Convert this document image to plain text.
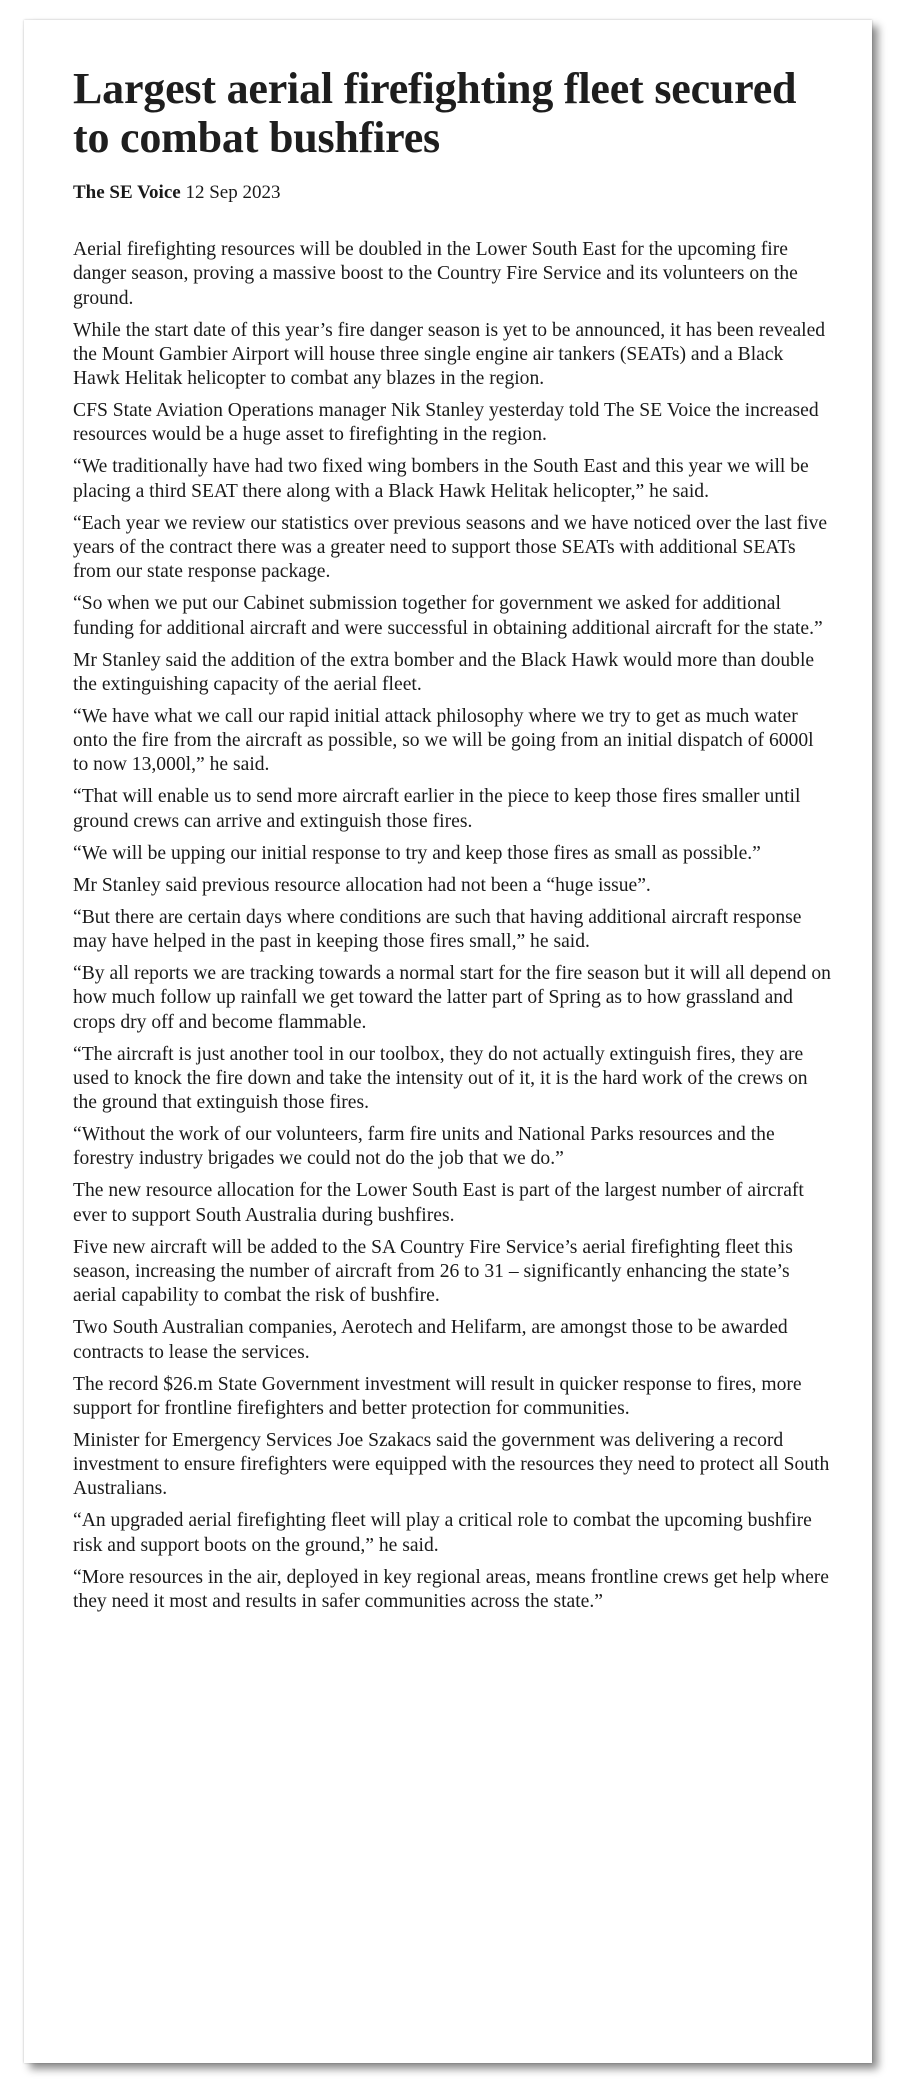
Largest aerial firefighting fleet secured to combat bushfires
The SE Voice 12 Sep 2023

Aerial firefighting resources will be doubled in the Lower South East for the upcoming fire danger season, proving a massive boost to the Country Fire Service and its volunteers on the ground.

While the start date of this year’s fire danger season is yet to be announced, it has been revealed the Mount Gambier Airport will house three single engine air tankers (SEATs) and a Black Hawk Helitak helicopter to combat any blazes in the region.

CFS State Aviation Operations manager Nik Stanley yesterday told The SE Voice the increased resources would be a huge asset to firefighting in the region.

“We traditionally have had two fixed wing bombers in the South East and this year we will be placing a third SEAT there along with a Black Hawk Helitak helicopter,” he said.

“Each year we review our statistics over previous seasons and we have noticed over the last five years of the contract there was a greater need to support those SEATs with additional SEATs from our state response package.

“So when we put our Cabinet submission together for government we asked for additional funding for additional aircraft and were successful in obtaining additional aircraft for the state.”

Mr Stanley said the addition of the extra bomber and the Black Hawk would more than double the extinguishing capacity of the aerial fleet.

“We have what we call our rapid initial attack philosophy where we try to get as much water onto the fire from the aircraft as possible, so we will be going from an initial dispatch of 6000l to now 13,000l,” he said.

“That will enable us to send more aircraft earlier in the piece to keep those fires smaller until ground crews can arrive and extinguish those fires.

“We will be upping our initial response to try and keep those fires as small as possible.”

Mr Stanley said previous resource allocation had not been a “huge issue”.

“But there are certain days where conditions are such that having additional aircraft response may have helped in the past in keeping those fires small,” he said.

“By all reports we are tracking towards a normal start for the fire season but it will all depend on how much follow up rainfall we get toward the latter part of Spring as to how grassland and crops dry off and become flammable.

“The aircraft is just another tool in our toolbox, they do not actually extinguish fires, they are used to knock the fire down and take the intensity out of it, it is the hard work of the crews on the ground that extinguish those fires.

“Without the work of our volunteers, farm fire units and National Parks resources and the forestry industry brigades we could not do the job that we do.”

The new resource allocation for the Lower South East is part of the largest number of aircraft ever to support South Australia during bushfires.

Five new aircraft will be added to the SA Country Fire Service’s aerial firefighting fleet this season, increasing the number of aircraft from 26 to 31 – significantly enhancing the state’s aerial capability to combat the risk of bushfire.

Two South Australian companies, Aerotech and Helifarm, are amongst those to be awarded contracts to lease the services.

The record $26.m State Government investment will result in quicker response to fires, more support for frontline firefighters and better protection for communities.

Minister for Emergency Services Joe Szakacs said the government was delivering a record investment to ensure firefighters were equipped with the resources they need to protect all South Australians.

“An upgraded aerial firefighting fleet will play a critical role to combat the upcoming bushfire risk and support boots on the ground,” he said.

“More resources in the air, deployed in key regional areas, means frontline crews get help where they need it most and results in safer communities across the state.”
